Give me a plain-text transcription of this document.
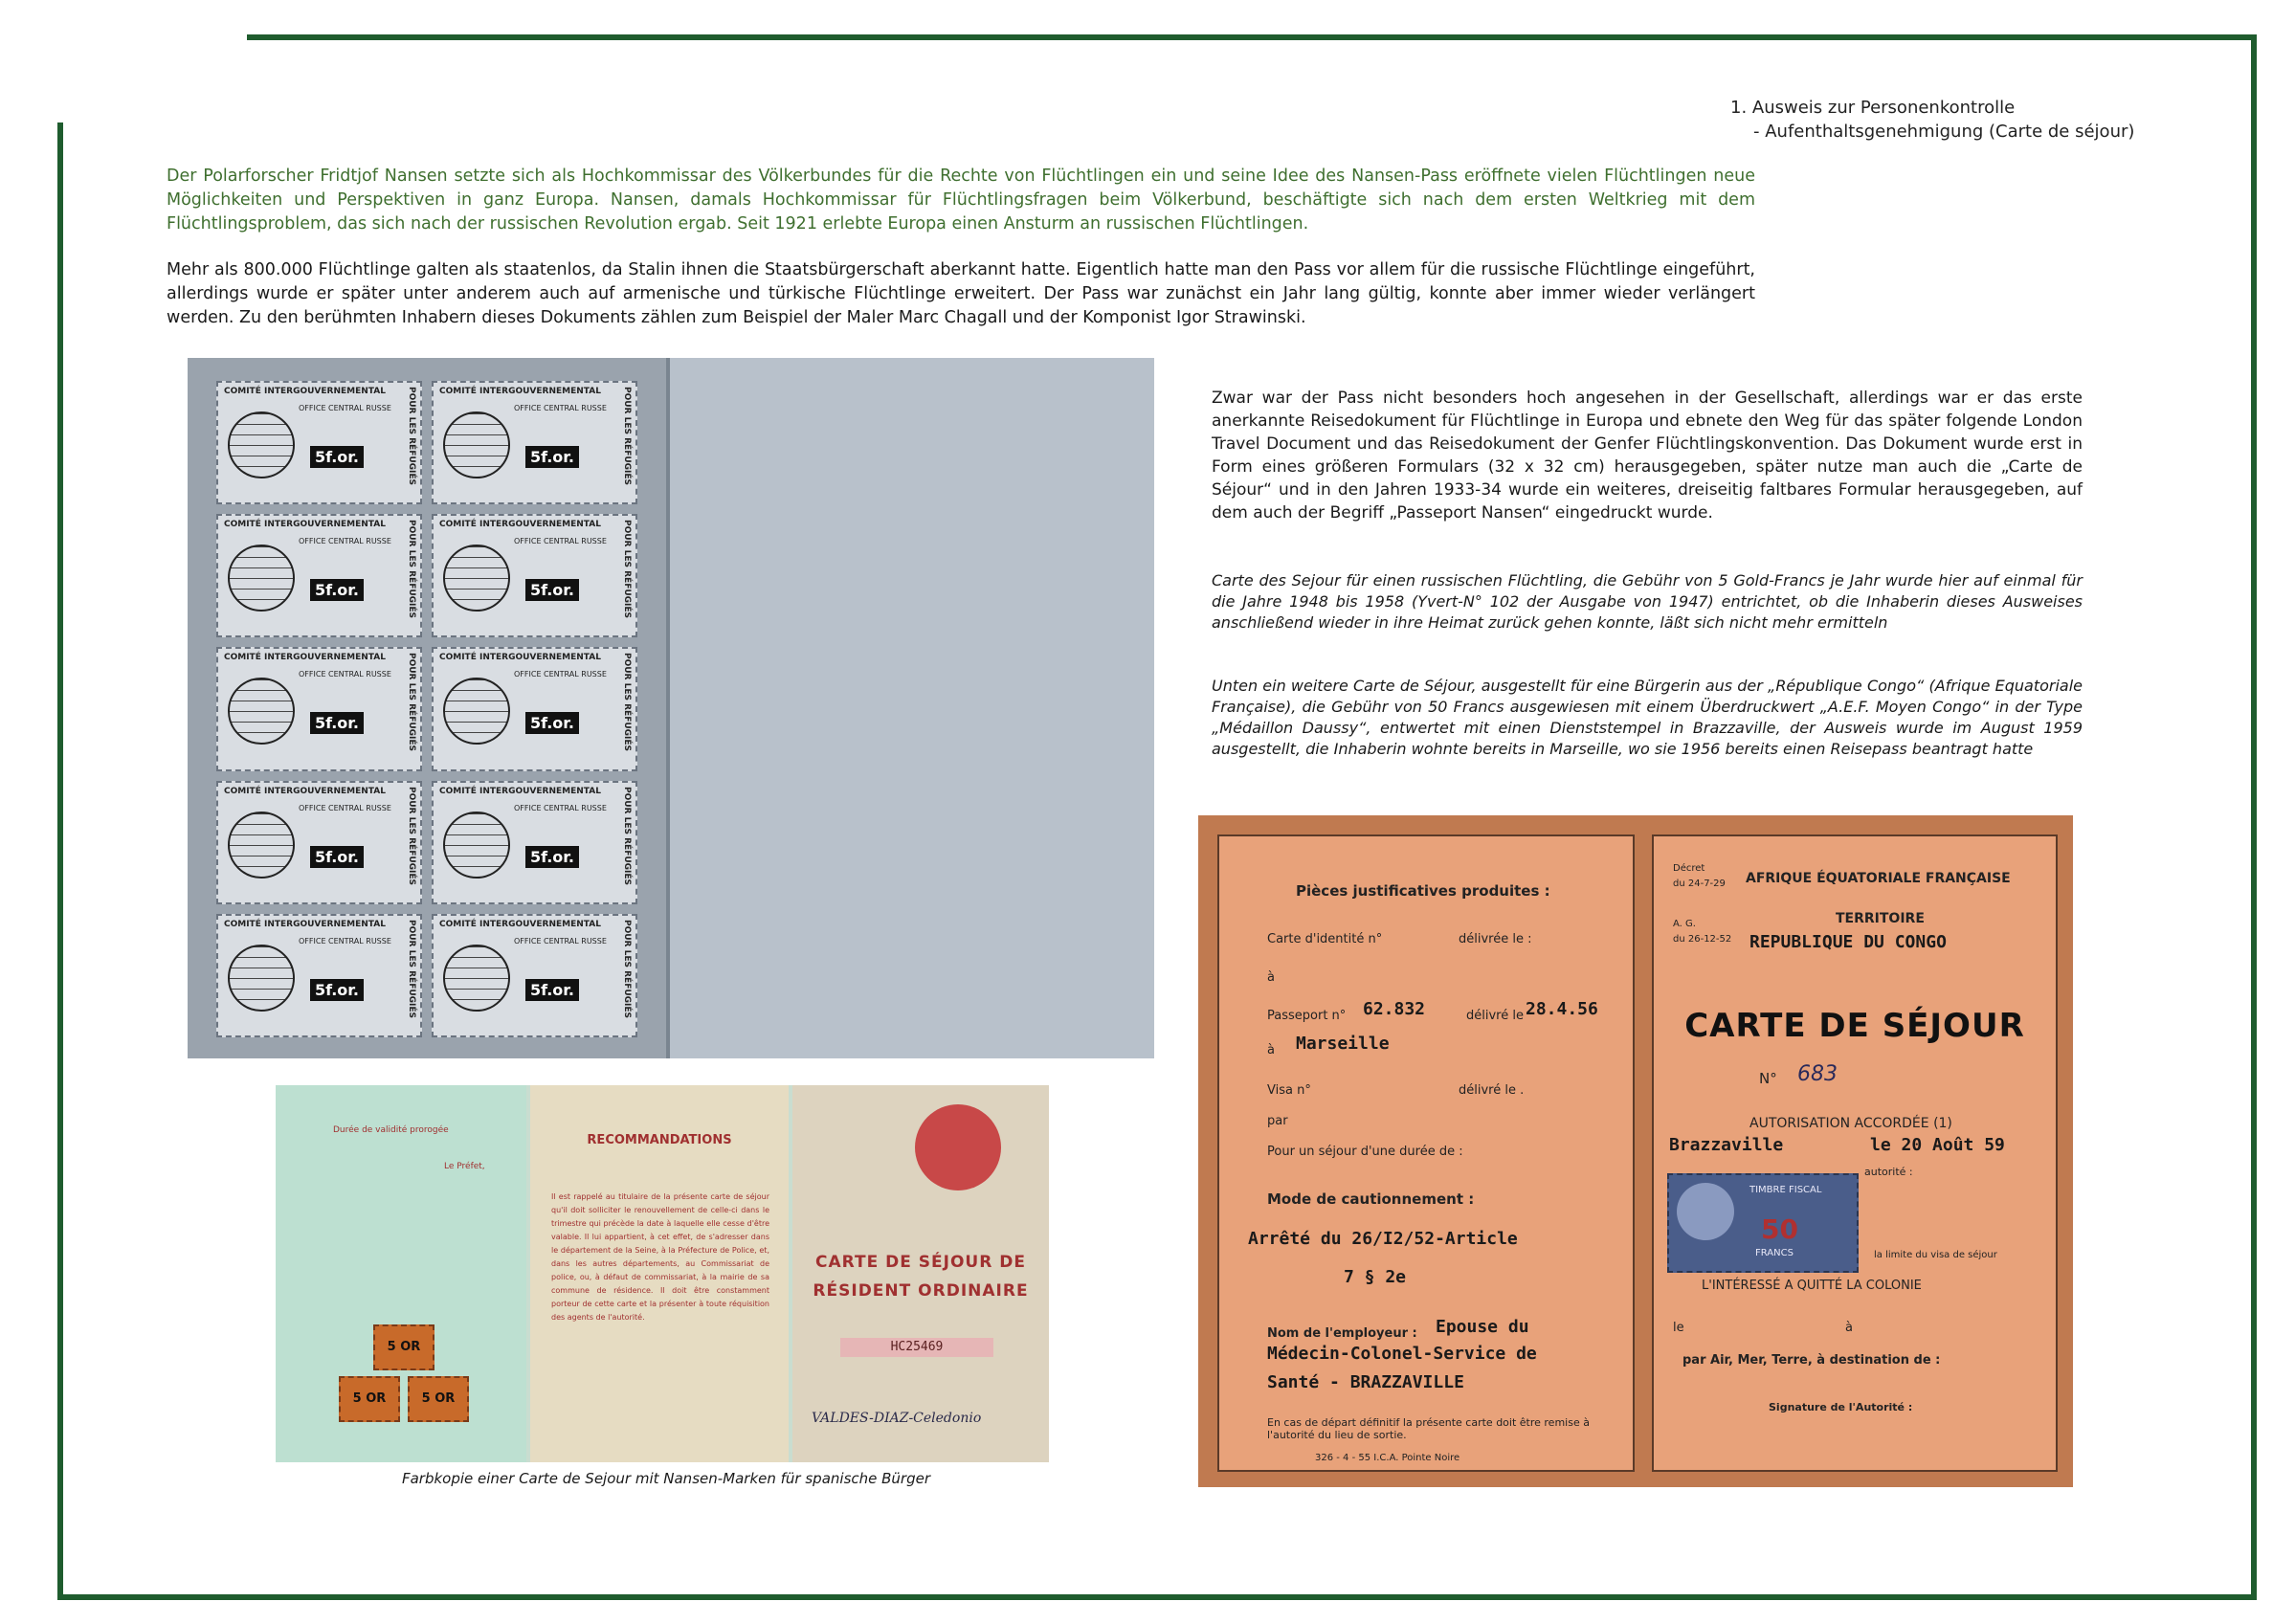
1. Ausweis zur Personenkontrolle
- Aufenthaltsgenehmigung (Carte de séjour)

Der Polarforscher Fridtjof Nansen setzte sich als Hochkommissar des Völkerbundes für die Rechte von Flüchtlingen ein und seine Idee des Nansen-Pass eröffnete vielen Flüchtlingen neue Möglichkeiten und Perspektiven in ganz Europa. Nansen, damals Hochkommissar für Flüchtlingsfragen beim Völkerbund, beschäftigte sich nach dem ersten Weltkrieg mit dem Flüchtlingsproblem, das sich nach der russischen Revolution ergab. Seit 1921 erlebte Europa einen Ansturm an russischen Flüchtlingen.

Mehr als 800.000 Flüchtlinge galten als staatenlos, da Stalin ihnen die Staatsbürgerschaft aberkannt hatte. Eigentlich hatte man den Pass vor allem für die russische Flüchtlinge eingeführt, allerdings wurde er später unter anderem auch auf armenische und türkische Flüchtlinge erweitert. Der Pass war zunächst ein Jahr lang gültig, konnte aber immer wieder verlängert werden. Zu den berühmten Inhabern dieses Dokuments zählen zum Beispiel der Maler Marc Chagall und der Komponist Igor Strawinski.

Zwar war der Pass nicht besonders hoch angesehen in der Gesellschaft, allerdings war er das erste anerkannte Reisedokument für Flüchtlinge in Europa und ebnete den Weg für das später folgende London Travel Document und das Reisedokument der Genfer Flüchtlingskonvention. Das Dokument wurde erst in Form eines größeren Formulars (32 x 32 cm) herausgegeben, später nutze man auch die „Carte de Séjour“ und in den Jahren 1933-34 wurde ein weiteres, dreiseitig faltbares Formular herausgegeben, auf dem auch der Begriff „Passeport Nansen“ eingedruckt wurde.

Carte des Sejour für einen russischen Flüchtling, die Gebühr von 5 Gold-Francs je Jahr wurde hier auf einmal für die Jahre 1948 bis 1958 (Yvert-N° 102 der Ausgabe von 1947) entrichtet, ob die Inhaberin dieses Ausweises anschließend wieder in ihre Heimat zurück gehen konnte, läßt sich nicht mehr ermitteln

Unten ein weitere Carte de Séjour, ausgestellt für eine Bürgerin aus der „République Congo“ (Afrique Equatoriale Française), die Gebühr von 50 Francs ausgewiesen mit einem Überdruckwert „A.E.F. Moyen Congo“ in der Type „Médaillon Daussy“, entwertet mit einen Dienststempel in Brazzaville, der Ausweis wurde im August 1959 ausgestellt, die Inhaberin wohnte bereits in Marseille, wo sie 1956 bereits einen Reisepass beantragt hatte

Farbkopie einer Carte de Sejour mit Nansen-Marken für spanische Bürger

COMITÉ INTERGOUVERNEMENTAL
OFFICE CENTRAL RUSSE
5f.or.	POUR LES RÉFUGIÉS	COMITÉ INTERGOUVERNEMENTAL
OFFICE CENTRAL RUSSE
5f.or.	POUR LES RÉFUGIÉS
COMITÉ INTERGOUVERNEMENTAL
OFFICE CENTRAL RUSSE
5f.or.	POUR LES RÉFUGIÉS	COMITÉ INTERGOUVERNEMENTAL
OFFICE CENTRAL RUSSE
5f.or.	POUR LES RÉFUGIÉS
COMITÉ INTERGOUVERNEMENTAL
OFFICE CENTRAL RUSSE
5f.or.	POUR LES RÉFUGIÉS	COMITÉ INTERGOUVERNEMENTAL
OFFICE CENTRAL RUSSE
5f.or.	POUR LES RÉFUGIÉS
COMITÉ INTERGOUVERNEMENTAL
OFFICE CENTRAL RUSSE
5f.or.	POUR LES RÉFUGIÉS	COMITÉ INTERGOUVERNEMENTAL
OFFICE CENTRAL RUSSE
5f.or.	POUR LES RÉFUGIÉS
COMITÉ INTERGOUVERNEMENTAL
OFFICE CENTRAL RUSSE
5f.or.	POUR LES RÉFUGIÉS	COMITÉ INTERGOUVERNEMENTAL
OFFICE CENTRAL RUSSE
5f.or.	POUR LES RÉFUGIÉS
Durée de validité prorogée
Le Préfet,
5 OR
5 OR	5 OR
RECOMMANDATIONS
Il est rappelé au titulaire de la présente carte de séjour qu'il doit solliciter le renouvellement de celle-ci dans le trimestre qui précède la date à laquelle elle cesse d'être valable. Il lui appartient, à cet effet, de s'adresser dans le département de la Seine, à la Préfecture de Police, et, dans les autres départements, au Commissariat de police, ou, à défaut de commissariat, à la mairie de sa commune de résidence. Il doit être constamment porteur de cette carte et la présenter à toute réquisition des agents de l'autorité.
CARTE DE SÉJOUR DE
RÉSIDENT ORDINAIRE
HC25469
VALDES-DIAZ-Celedonio
Pièces justificatives produites :
Carte d'identité n°	délivrée le :
à
Passeport n° 62.832	délivré le 28.4.56
à Marseille
Visa n°	délivré le .
par
Pour un séjour d'une durée de :
Mode de cautionnement :
Arrêté du 26/I2/52-Article
7 § 2e
Nom de l'employeur : Epouse du
Médecin-Colonel-Service de
Santé - BRAZZAVILLE
En cas de départ définitif la présente carte doit être remise à l'autorité du lieu de sortie.
326 - 4 - 55 I.C.A. Pointe Noire
Décret
du 24-7-29 AFRIQUE ÉQUATORIALE FRANÇAISE
A. G.
du 26-12-52
TERRITOIRE
REPUBLIQUE DU CONGO
CARTE DE SÉJOUR
N° 683
AUTORISATION ACCORDÉE (1)
Brazzaville	le 20 Août 59
autorité :
TIMBRE FISCAL
50
FRANCS	la limite du visa de séjour
L'INTÉRESSÉ A QUITTÉ LA COLONIE
le	à
par Air, Mer, Terre, à destination de :
Signature de l'Autorité :
